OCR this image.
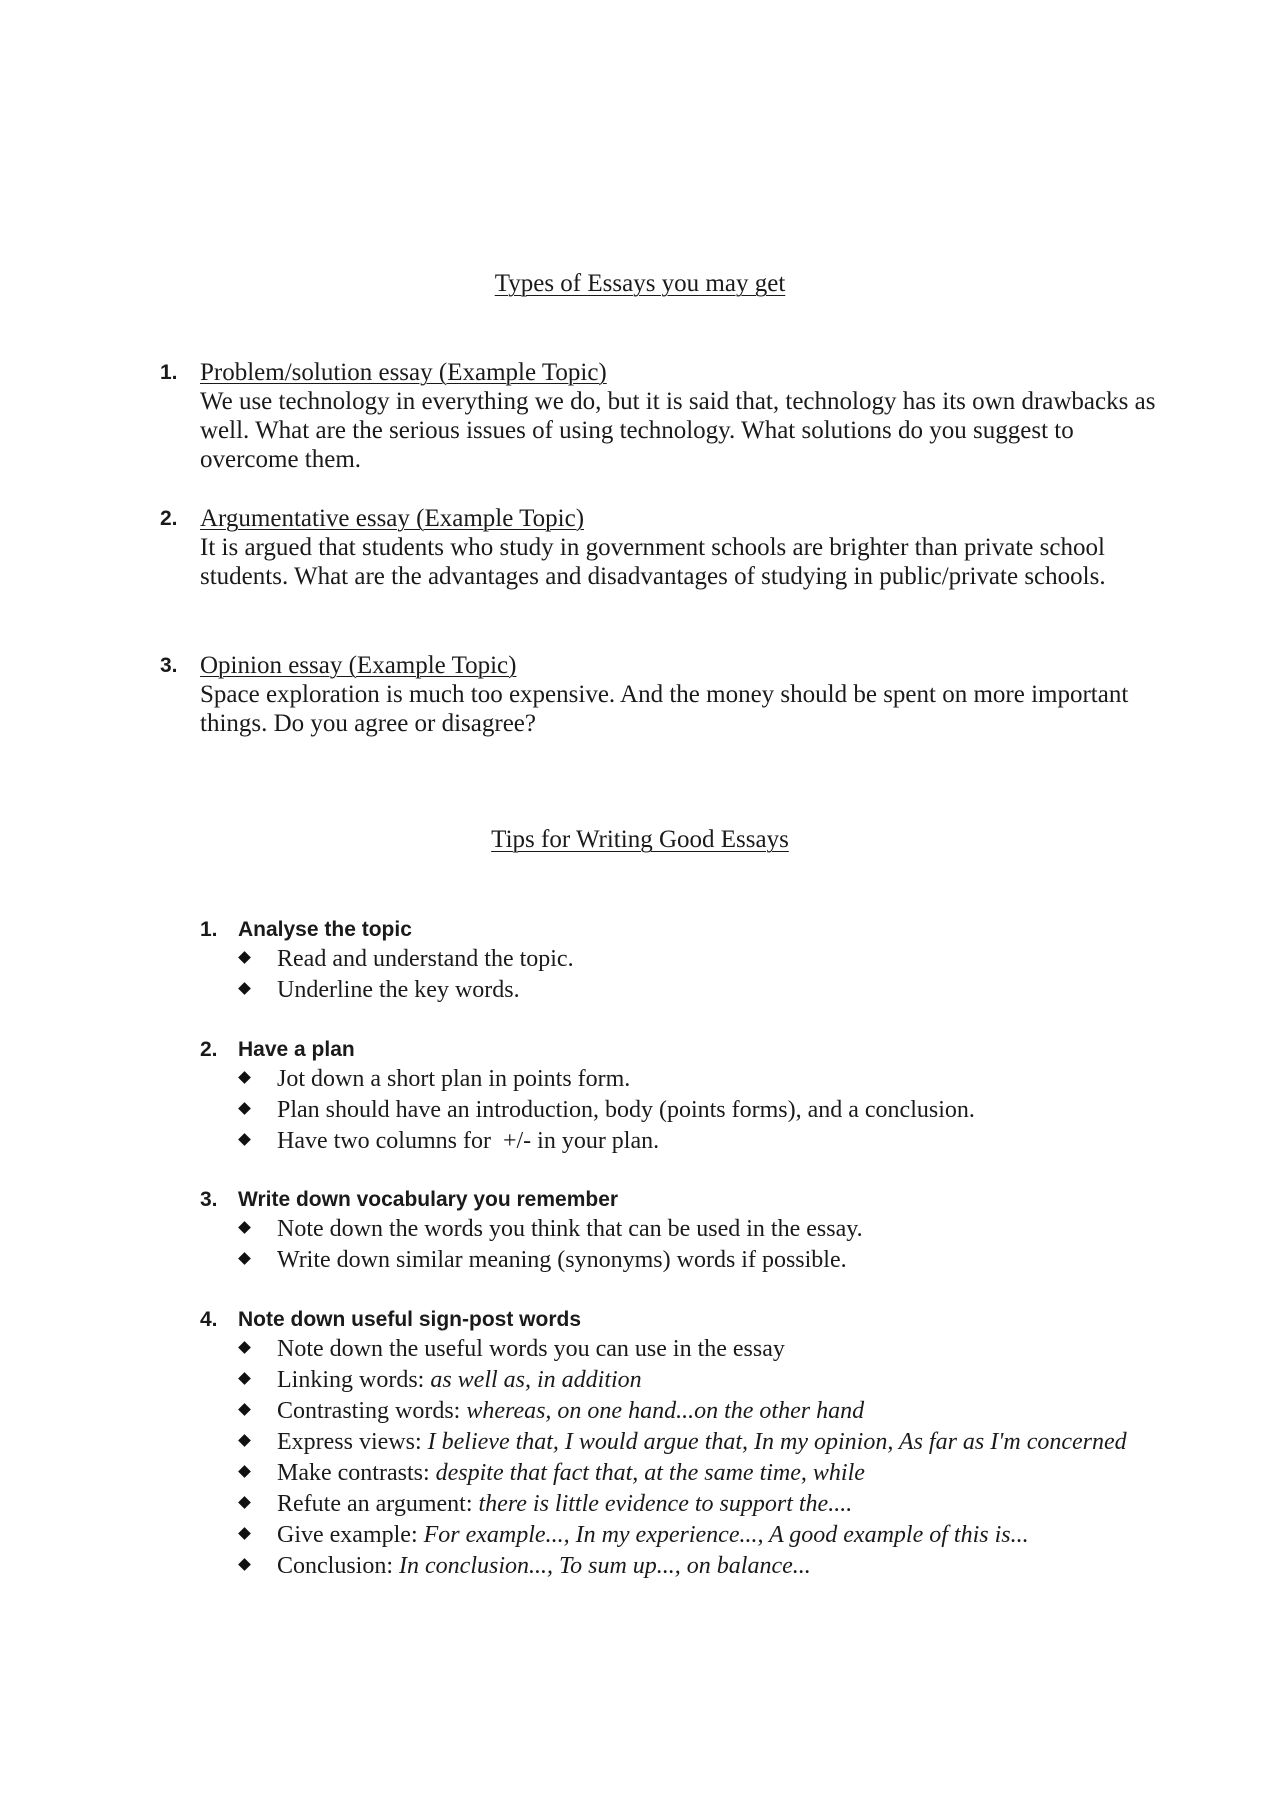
Types of Essays you may get
1. Problem/solution essay (Example Topic)
We use technology in everything we do, but it is said that, technology has its own drawbacks as well. What are the serious issues of using technology. What solutions do you suggest to overcome them.
2. Argumentative essay (Example Topic)
It is argued that students who study in government schools are brighter than private school students. What are the advantages and disadvantages of studying in public/private schools.
3. Opinion essay (Example Topic)
Space exploration is much too expensive. And the money should be spent on more important things. Do you agree or disagree?
Tips for Writing Good Essays
1. Analyse the topic
Read and understand the topic.
Underline the key words.
2. Have a plan
Jot down a short plan in points form.
Plan should have an introduction, body (points forms), and a conclusion.
Have two columns for  +/- in your plan.
3. Write down vocabulary you remember
Note down the words you think that can be used in the essay.
Write down similar meaning (synonyms) words if possible.
4. Note down useful sign-post words
Note down the useful words you can use in the essay
Linking words: as well as, in addition
Contrasting words: whereas, on one hand...on the other hand
Express views: I believe that, I would argue that, In my opinion, As far as I'm concerned
Make contrasts: despite that fact that, at the same time, while
Refute an argument: there is little evidence to support the....
Give example: For example..., In my experience..., A good example of this is...
Conclusion: In conclusion..., To sum up..., on balance...
